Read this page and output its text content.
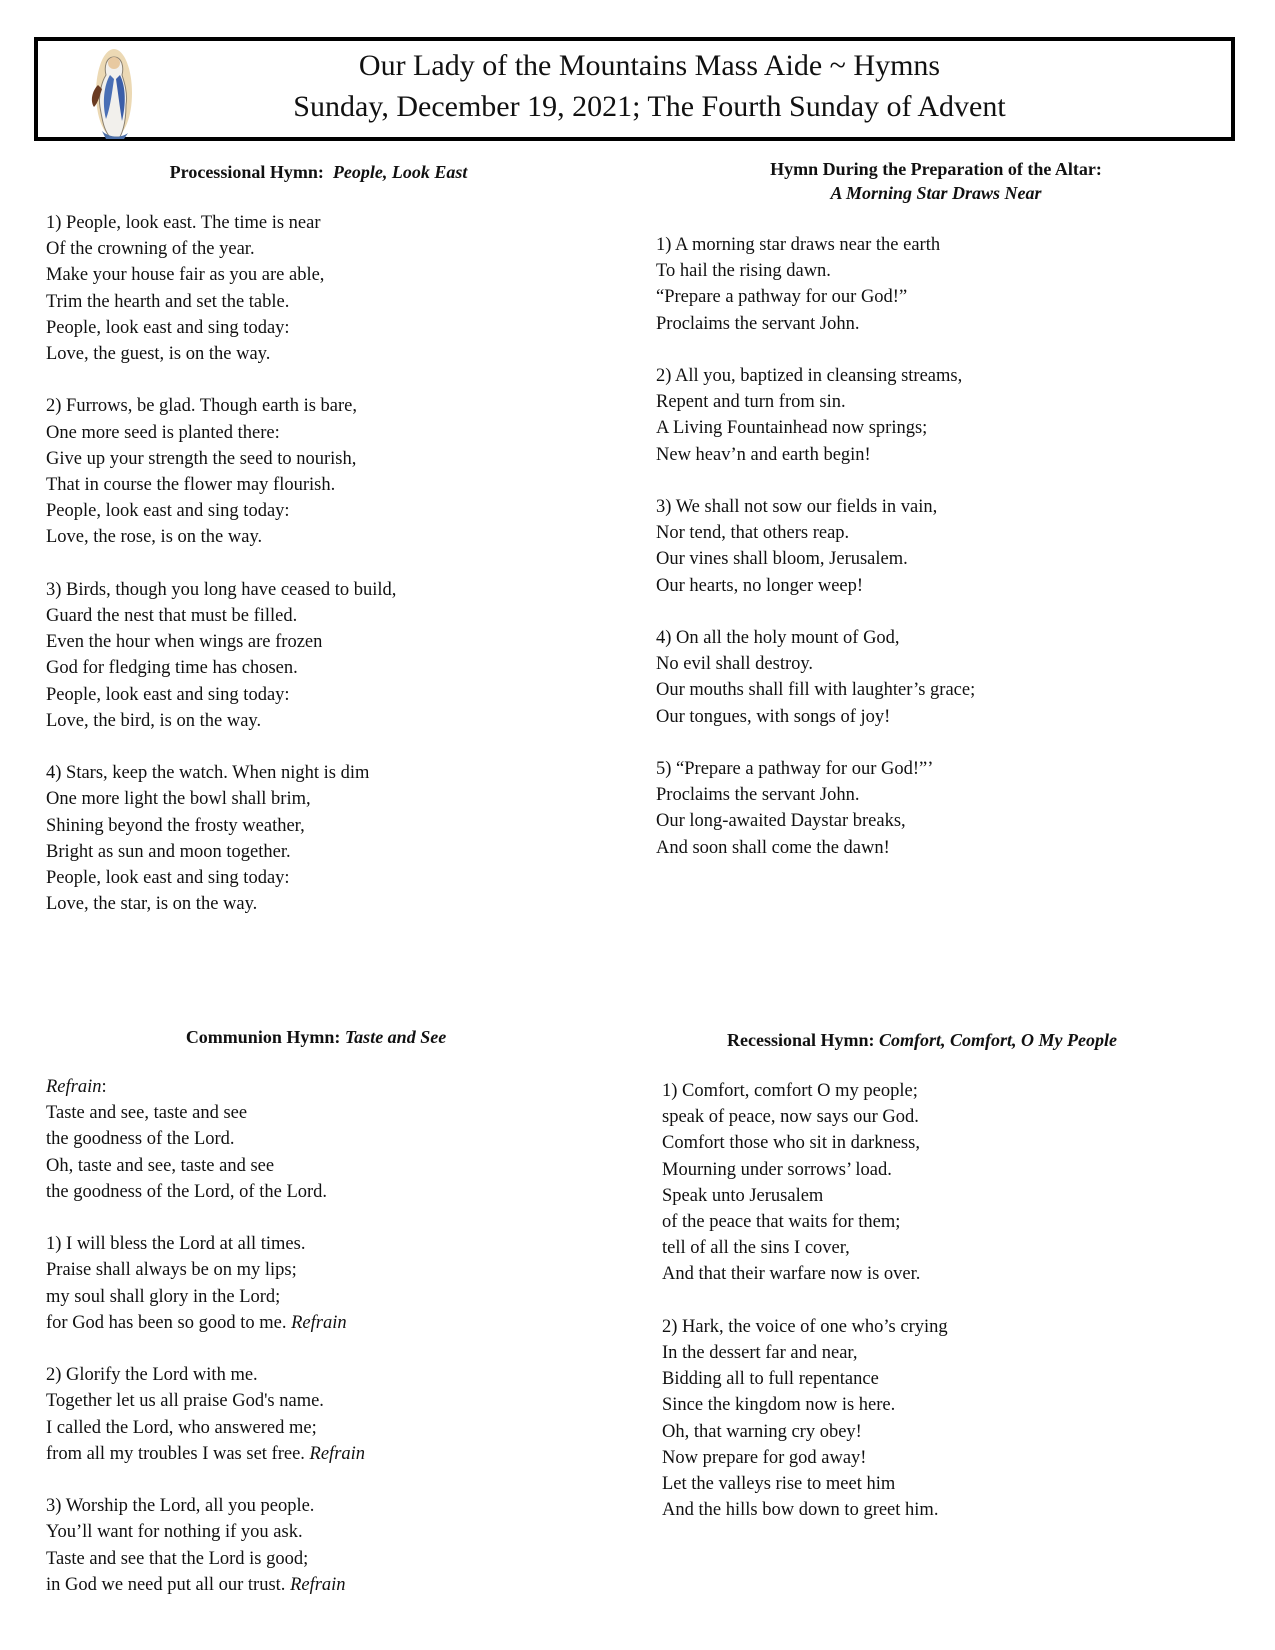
Our Lady of the Mountains Mass Aide ~ Hymns
Sunday, December 19, 2021; The Fourth Sunday of Advent
Processional Hymn: People, Look East
1) People, look east. The time is near
Of the crowning of the year.
Make your house fair as you are able,
Trim the hearth and set the table.
People, look east and sing today:
Love, the guest, is on the way.
2) Furrows, be glad. Though earth is bare,
One more seed is planted there:
Give up your strength the seed to nourish,
That in course the flower may flourish.
People, look east and sing today:
Love, the rose, is on the way.
3) Birds, though you long have ceased to build,
Guard the nest that must be filled.
Even the hour when wings are frozen
God for fledging time has chosen.
People, look east and sing today:
Love, the bird, is on the way.
4) Stars, keep the watch. When night is dim
One more light the bowl shall brim,
Shining beyond the frosty weather,
Bright as sun and moon together.
People, look east and sing today:
Love, the star, is on the way.
Hymn During the Preparation of the Altar:
A Morning Star Draws Near
1) A morning star draws near the earth
To hail the rising dawn.
“Prepare a pathway for our God!”
Proclaims the servant John.
2) All you, baptized in cleansing streams,
Repent and turn from sin.
A Living Fountainhead now springs;
New heav’n and earth begin!
3) We shall not sow our fields in vain,
Nor tend, that others reap.
Our vines shall bloom, Jerusalem.
Our hearts, no longer weep!
4) On all the holy mount of God,
No evil shall destroy.
Our mouths shall fill with laughter’s grace;
Our tongues, with songs of joy!
5) “Prepare a pathway for our God!”’
Proclaims the servant John.
Our long-awaited Daystar breaks,
And soon shall come the dawn!
Communion Hymn: Taste and See
Refrain:
Taste and see, taste and see
the goodness of the Lord.
Oh, taste and see, taste and see
the goodness of the Lord, of the Lord.
1) I will bless the Lord at all times.
Praise shall always be on my lips;
my soul shall glory in the Lord;
for God has been so good to me. Refrain
2) Glorify the Lord with me.
Together let us all praise God's name.
I called the Lord, who answered me;
from all my troubles I was set free. Refrain
3) Worship the Lord, all you people.
You’ll want for nothing if you ask.
Taste and see that the Lord is good;
in God we need put all our trust. Refrain
Recessional Hymn: Comfort, Comfort, O My People
1) Comfort, comfort O my people;
speak of peace, now says our God.
Comfort those who sit in darkness,
Mourning under sorrows’ load.
Speak unto Jerusalem
of the peace that waits for them;
tell of all the sins I cover,
And that their warfare now is over.
2) Hark, the voice of one who’s crying
In the dessert far and near,
Bidding all to full repentance
Since the kingdom now is here.
Oh, that warning cry obey!
Now prepare for god away!
Let the valleys rise to meet him
And the hills bow down to greet him.
